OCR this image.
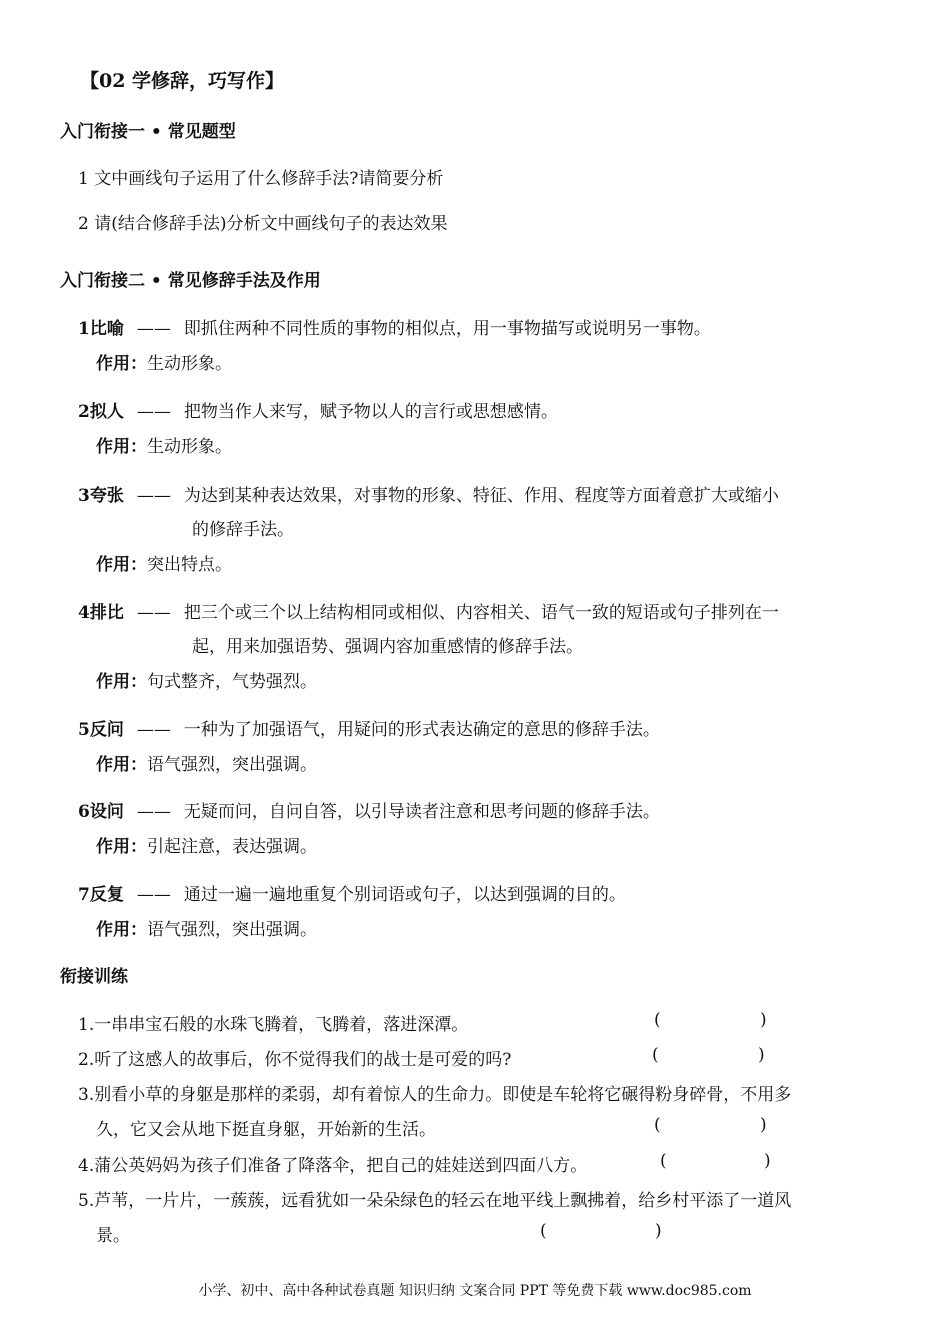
【02 学修辞，巧写作】
入门衔接一 • 常见题型
1 文中画线句子运用了什么修辞手法?请简要分析
2 请(结合修辞手法)分析文中画线句子的表达效果
入门衔接二 • 常见修辞手法及作用
1比喻 —— 即抓住两种不同性质的事物的相似点，用一事物描写或说明另一事物。
作用：生动形象。
2拟人 —— 把物当作人来写，赋予物以人的言行或思想感情。
作用：生动形象。
3夸张 —— 为达到某种表达效果，对事物的形象、特征、作用、程度等方面着意扩大或缩小
的修辞手法。
作用：突出特点。
4排比 —— 把三个或三个以上结构相同或相似、内容相关、语气一致的短语或句子排列在一
起，用来加强语势、强调内容加重感情的修辞手法。
作用：句式整齐，气势强烈。
5反问 —— 一种为了加强语气，用疑问的形式表达确定的意思的修辞手法。
作用：语气强烈，突出强调。
6设问 —— 无疑而问，自问自答，以引导读者注意和思考问题的修辞手法。
作用：引起注意，表达强调。
7反复 —— 通过一遍一遍地重复个别词语或句子，以达到强调的目的。
作用：语气强烈，突出强调。
衔接训练
1.一串串宝石般的水珠飞腾着，飞腾着，落进深潭。	(	)
2.听了这感人的故事后，你不觉得我们的战士是可爱的吗?	(	)
3.别看小草的身躯是那样的柔弱，却有着惊人的生命力。即使是车轮将它碾得粉身碎骨，不用多
久，它又会从地下挺直身躯，开始新的生活。	(	)
4.蒲公英妈妈为孩子们准备了降落伞，把自己的娃娃送到四面八方。	(	)
5.芦苇，一片片，一蔟蔟，远看犹如一朵朵绿色的轻云在地平线上飘拂着，给乡村平添了一道风
景。	(	)
小学、初中、高中各种试卷真题 知识归纳 文案合同 PPT 等免费下载 www.doc985.com
